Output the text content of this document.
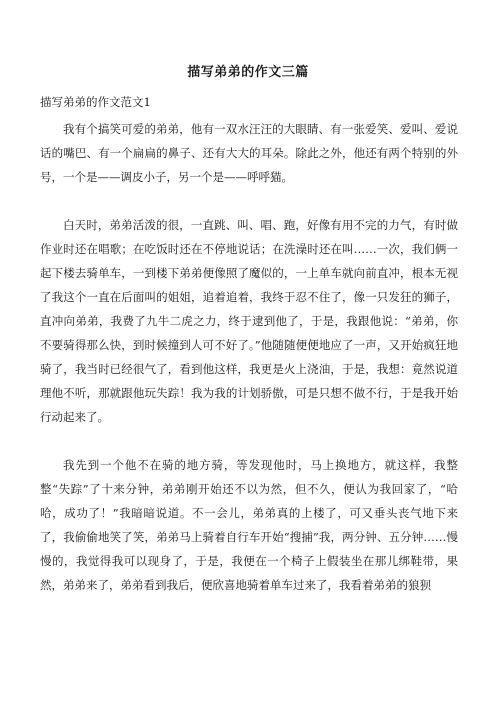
描写弟弟的作文三篇
描写弟弟的作文范文1

我有个搞笑可爱的弟弟，他有一双水汪汪的大眼睛、有一张爱笑、爱叫、爱说话的嘴巴、有一个扁扁的鼻子、还有大大的耳朵。除此之外，他还有两个特别的外号，一个是——调皮小子，另一个是——呼呼猫。

白天时，弟弟活泼的很，一直跳、叫、唱、跑，好像有用不完的力气，有时做作业时还在唱歌；在吃饭时还在不停地说话；在洗澡时还在叫……一次，我们俩一起下楼去骑单车，一到楼下弟弟便像照了魔似的，一上单车就向前直冲，根本无视了我这个一直在后面叫的姐姐，追着追着，我终于忍不住了，像一只发狂的狮子，直冲向弟弟，我费了九牛二虎之力，终于逮到他了，于是，我跟他说：“弟弟，你不要骑得那么快，到时候撞到人可不好了。”他随随便便地应了一声，又开始疯狂地骑了，我当时已经很气了，看到他这样，我更是火上浇油，于是，我想：竟然说道理他不听，那就跟他玩失踪！我为我的计划骄傲，可是只想不做不行，于是我开始行动起来了。

我先到一个他不在骑的地方骑，等发现他时，马上换地方，就这样，我整整“失踪”了十来分钟，弟弟刚开始还不以为然，但不久，便认为我回家了，“哈哈，成功了！”我暗暗说道。不一会儿，弟弟真的上楼了，可又垂头丧气地下来了，我偷偷地笑了笑，弟弟马上骑着自行车开始“搜捕”我，两分钟、五分钟……慢慢的，我觉得我可以现身了，于是，我便在一个椅子上假装坐在那儿绑鞋带，果然，弟弟来了，弟弟看到我后，便欣喜地骑着单车过来了，我看着弟弟的狼狈
